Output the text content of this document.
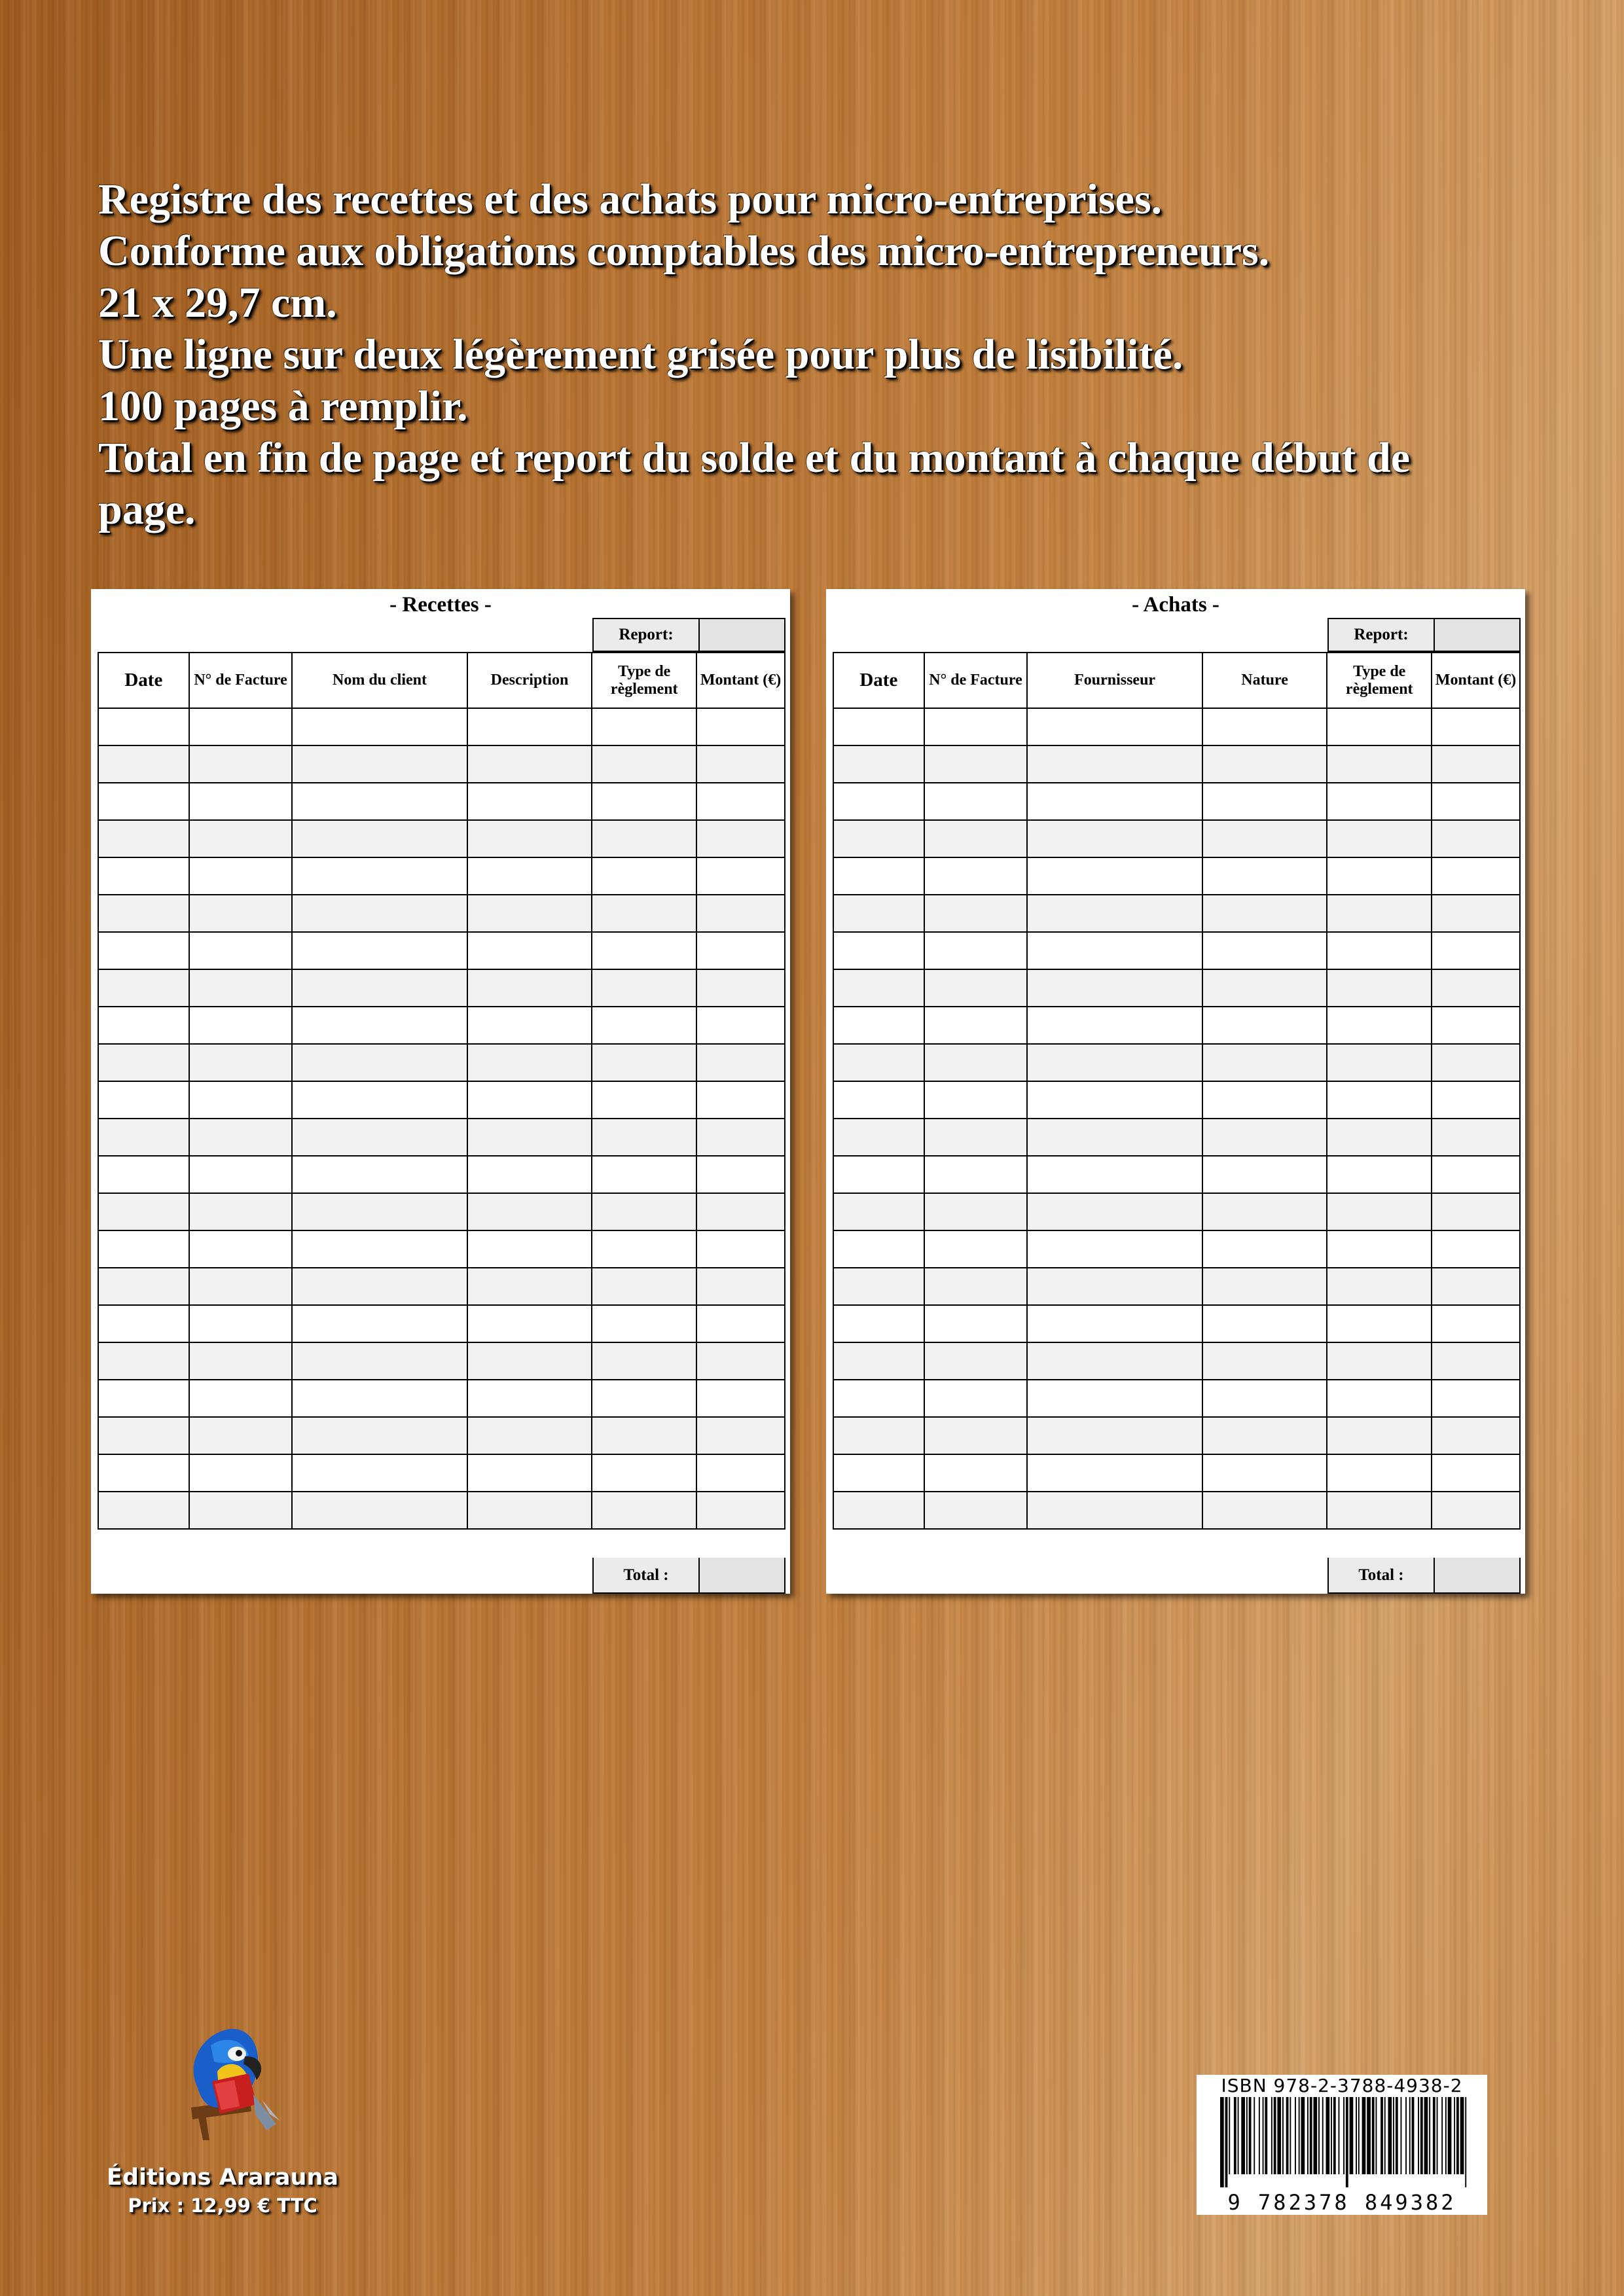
Registre des recettes et des achats pour micro-entreprises.
Conforme aux obligations comptables des micro-entrepreneurs.
21 x 29,7 cm.
Une ligne sur deux légèrement grisée pour plus de lisibilité.
100 pages à remplir.
Total en fin de page et report du solde et du montant à chaque début de page.
- Recettes -
Report:
Date	N° de Facture	Nom du client	Description	Type de règlement	Montant (€)

Total :
- Achats -
Report:
Date	N° de Facture	Fournisseur	Nature	Type de règlement	Montant (€)

Total :
Éditions Ararauna
Prix : 12,99 € TTC
ISBN 978-2-3788-4938-2
9 782378 849382
